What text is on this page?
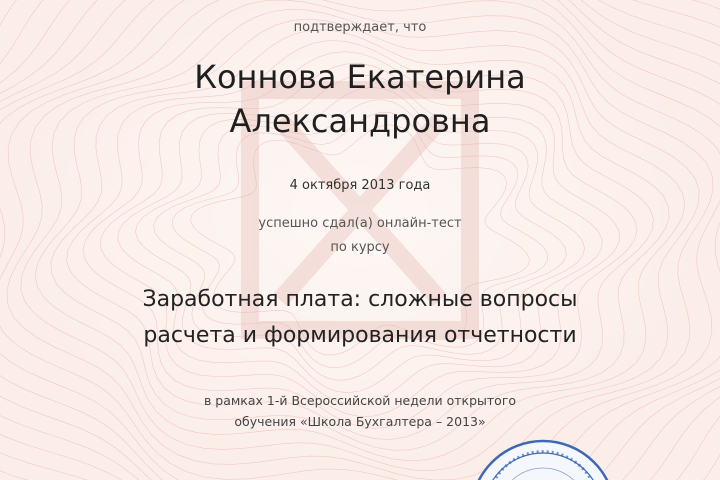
подтверждает, что
Коннова Екатерина
Александровна
4 октября 2013 года
успешно сдал(а) онлайн-тест
по курсу
Заработная плата: сложные вопросы
расчета и формирования отчетности
в рамках 1-й Всероссийской недели открытого
обучения «Школа Бухгалтера – 2013»
